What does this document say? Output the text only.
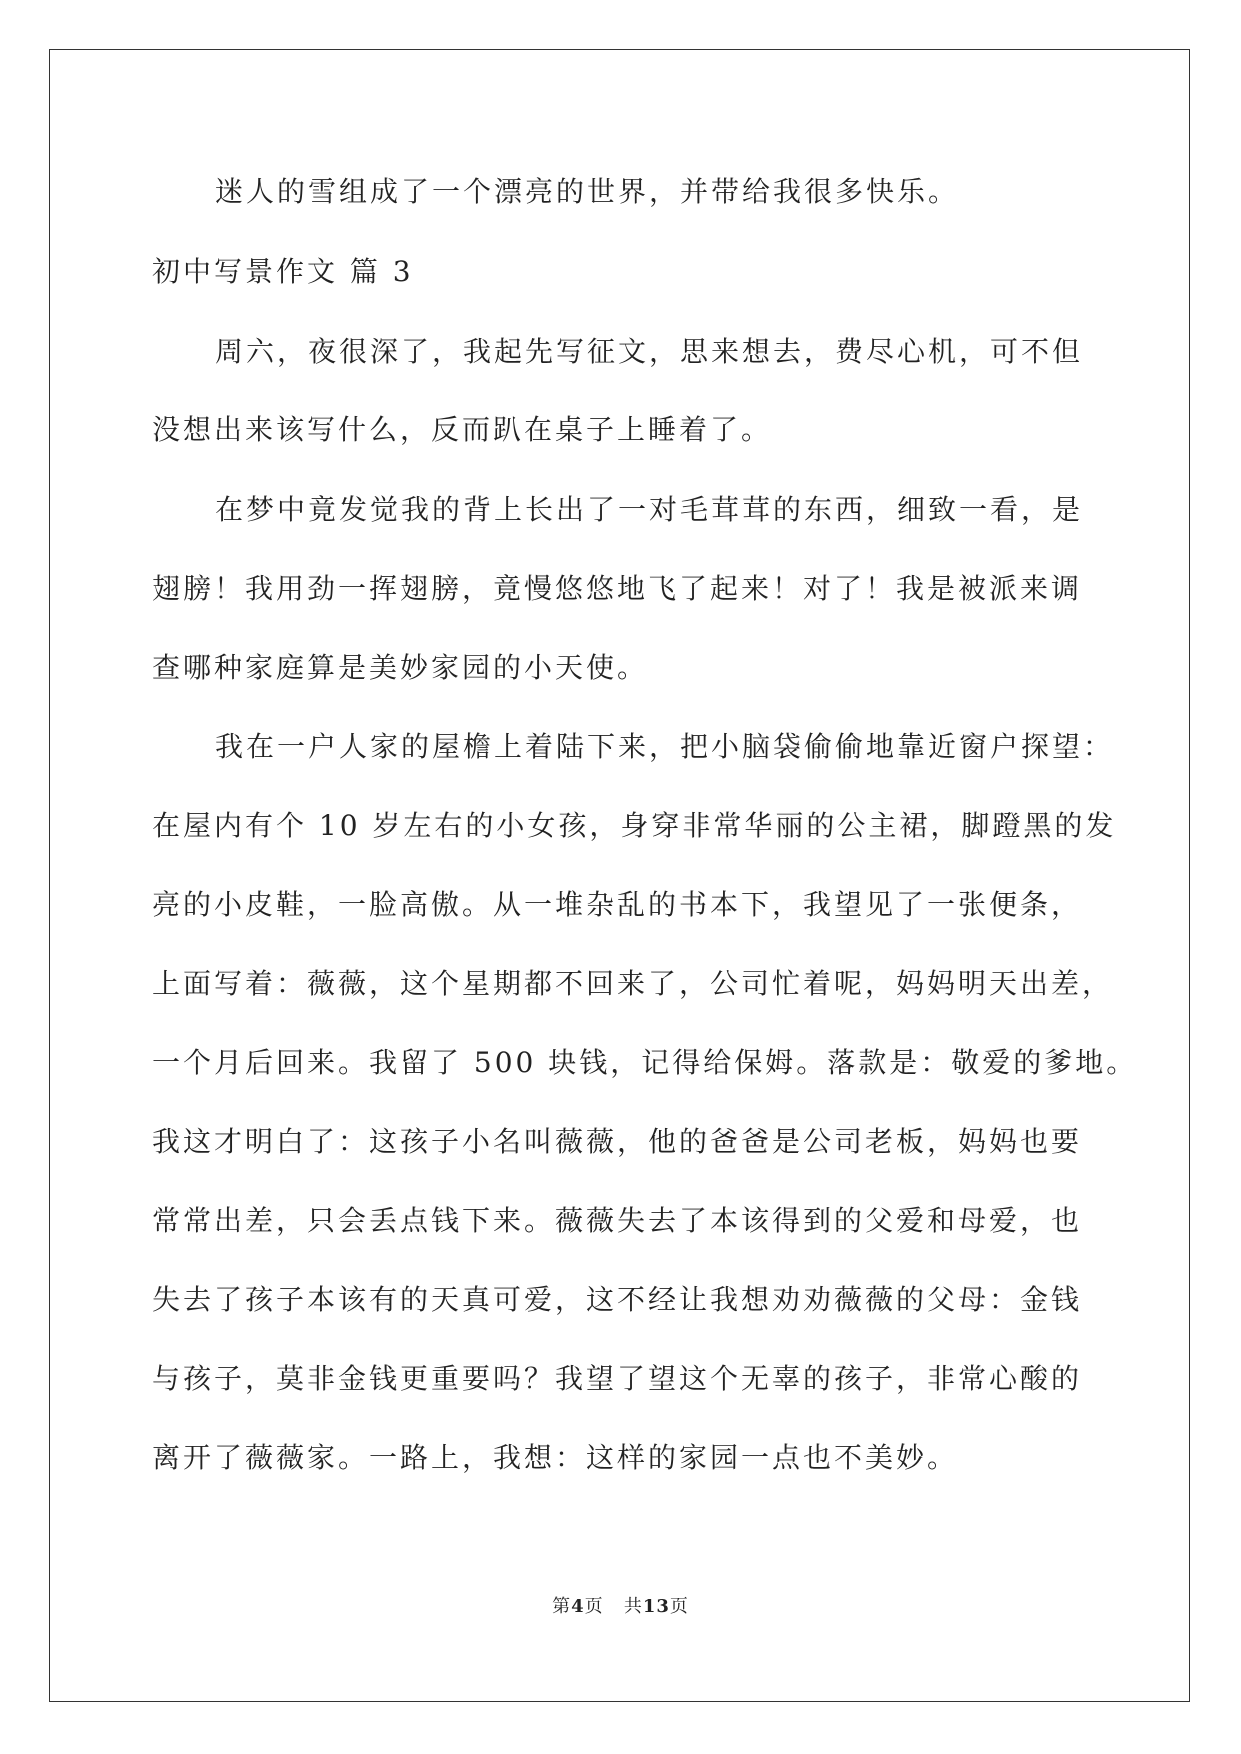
迷人的雪组成了一个漂亮的世界，并带给我很多快乐。
初中写景作文 篇 3
周六，夜很深了，我起先写征文，思来想去，费尽心机，可不但
没想出来该写什么，反而趴在桌子上睡着了。
在梦中竟发觉我的背上长出了一对毛茸茸的东西，细致一看，是
翅膀！我用劲一挥翅膀，竟慢悠悠地飞了起来！对了！我是被派来调
查哪种家庭算是美妙家园的小天使。
我在一户人家的屋檐上着陆下来，把小脑袋偷偷地靠近窗户探望：
在屋内有个 10 岁左右的小女孩，身穿非常华丽的公主裙，脚蹬黑的发
亮的小皮鞋，一脸高傲。从一堆杂乱的书本下，我望见了一张便条，
上面写着：薇薇，这个星期都不回来了，公司忙着呢，妈妈明天出差，
一个月后回来。我留了 500 块钱，记得给保姆。落款是：敬爱的爹地。
我这才明白了：这孩子小名叫薇薇，他的爸爸是公司老板，妈妈也要
常常出差，只会丢点钱下来。薇薇失去了本该得到的父爱和母爱，也
失去了孩子本该有的天真可爱，这不经让我想劝劝薇薇的父母：金钱
与孩子，莫非金钱更重要吗？我望了望这个无辜的孩子，非常心酸的
离开了薇薇家。一路上，我想：这样的家园一点也不美妙。
第4页 共13页
